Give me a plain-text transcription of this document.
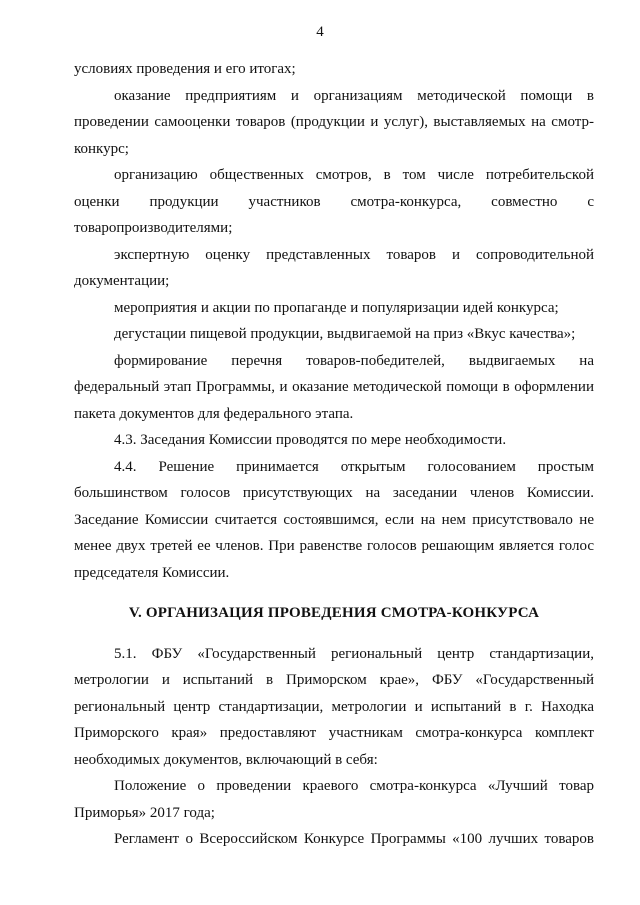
4

условиях проведения и его итогах;

оказание предприятиям и организациям методической помощи в проведении самооценки товаров (продукции и услуг), выставляемых на смотр-конкурс;

организацию общественных смотров, в том числе потребительской оценки продукции участников смотра-конкурса, совместно с товаропроизводителями;

экспертную оценку представленных товаров и сопроводительной документации;

мероприятия и акции по пропаганде и популяризации идей конкурса;

дегустации пищевой продукции, выдвигаемой на приз «Вкус качества»;

формирование перечня товаров-победителей, выдвигаемых на федеральный этап Программы, и оказание методической помощи в оформлении пакета документов для федерального этапа.

4.3. Заседания Комиссии проводятся по мере необходимости.

4.4. Решение принимается открытым голосованием простым большинством голосов присутствующих на заседании членов Комиссии. Заседание Комиссии считается состоявшимся, если на нем присутствовало не менее двух третей ее членов. При равенстве голосов решающим является голос председателя Комиссии.

V. ОРГАНИЗАЦИЯ ПРОВЕДЕНИЯ СМОТРА-КОНКУРСА

5.1. ФБУ «Государственный региональный центр стандартизации, метрологии и испытаний в Приморском крае», ФБУ «Государственный региональный центр стандартизации, метрологии и испытаний в г. Находка Приморского края» предоставляют участникам смотра-конкурса комплект необходимых документов, включающий в себя:

Положение о проведении краевого смотра-конкурса «Лучший товар Приморья» 2017 года;

Регламент о Всероссийском Конкурсе Программы «100 лучших товаров
